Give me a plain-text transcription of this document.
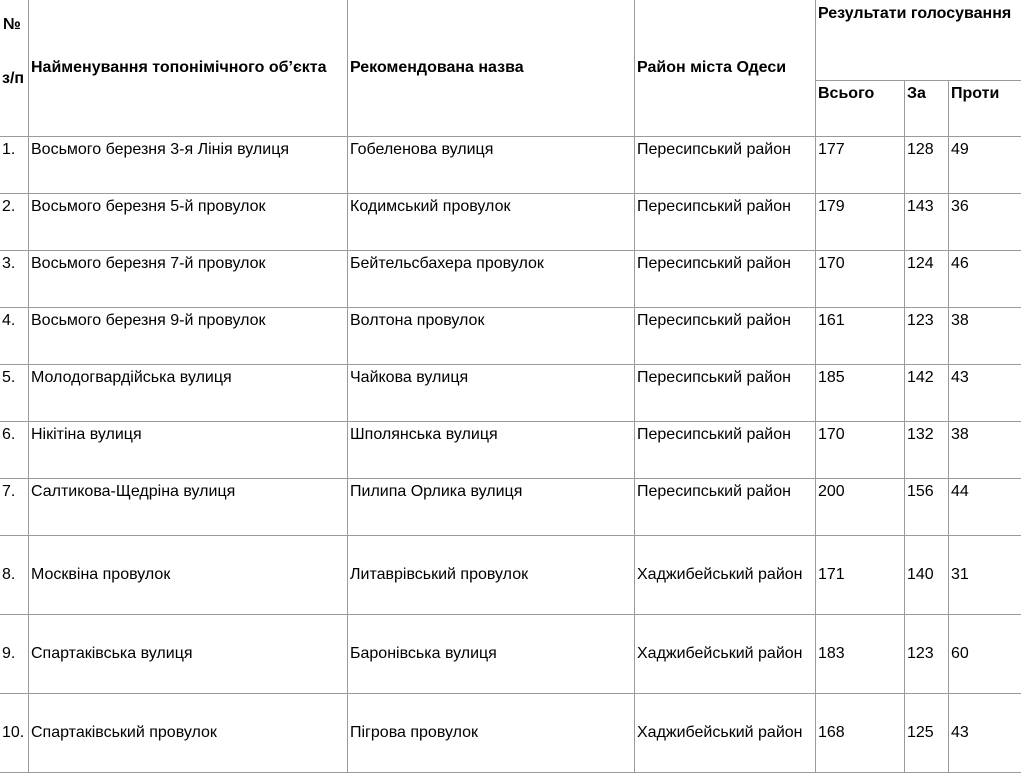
№
з/п	Найменування топонімічного об’єкта	Рекомендована назва	Район міста Одеси	Результати голосування		
				Всього	За	Проти
1.	Восьмого березня 3-я Лінія вулиця	Гобеленова вулиця	Пересипський район	177	128	49
2.	Восьмого березня 5-й провулок	Кодимський провулок	Пересипський район	179	143	36
3.	Восьмого березня 7-й провулок	Бейтельсбахера провулок	Пересипський район	170	124	46
4.	Восьмого березня 9-й провулок	Волтона провулок	Пересипський район	161	123	38
5.	Молодогвардійська вулиця	Чайкова вулиця	Пересипський район	185	142	43
6.	Нікітіна вулиця	Шполянська вулиця	Пересипський район	170	132	38
7.	Салтикова-Щедріна вулиця	Пилипа Орлика вулиця	Пересипський район	200	156	44
8.	Москвіна провулок	Литаврівський провулок	Хаджибейський район	171	140	31
9.	Спартаківська вулиця	Баронівська вулиця	Хаджибейський район	183	123	60
10.	Спартаківський провулок	Пігрова провулок	Хаджибейський район	168	125	43
